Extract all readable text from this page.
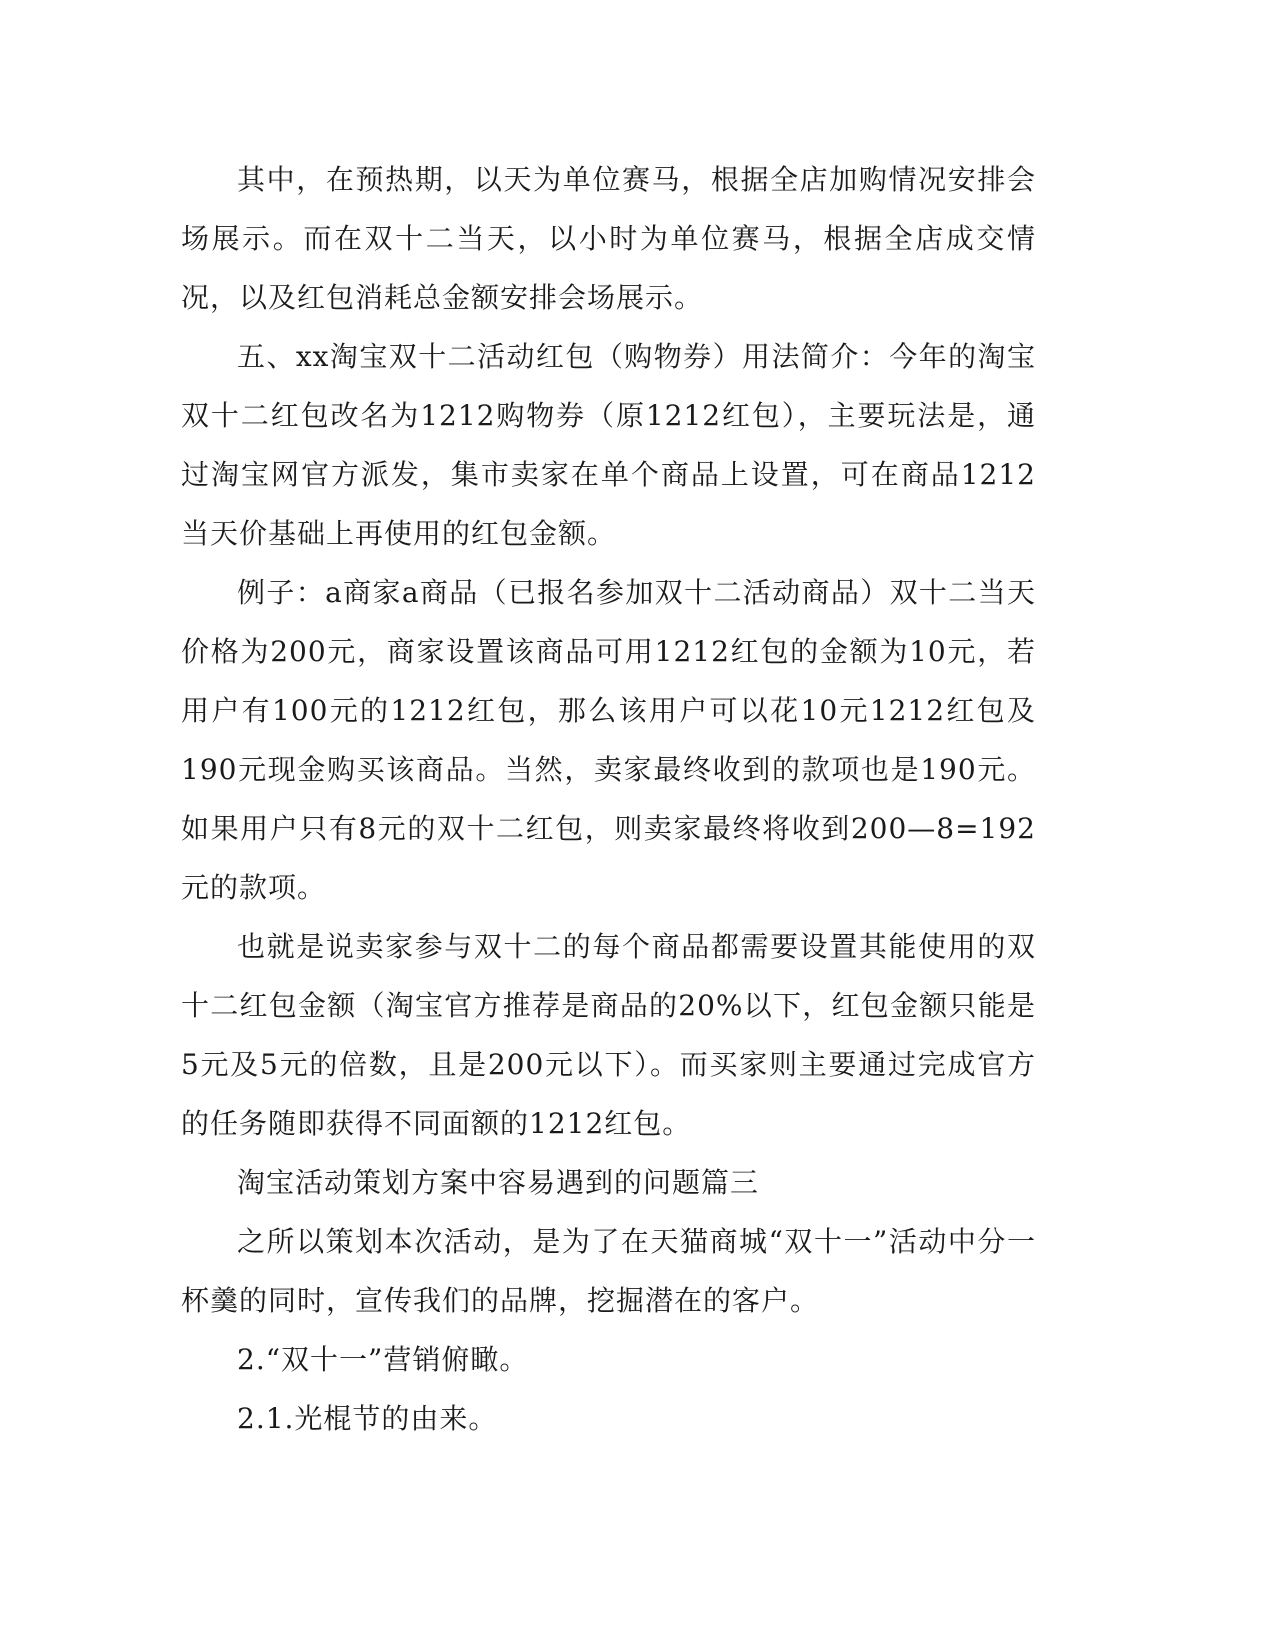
其中，在预热期，以天为单位赛马，根据全店加购情况安排会场展示。而在双十二当天，以小时为单位赛马，根据全店成交情况，以及红包消耗总金额安排会场展示。

五、xx淘宝双十二活动红包（购物券）用法简介：今年的淘宝双十二红包改名为1212购物券（原1212红包），主要玩法是，通过淘宝网官方派发，集市卖家在单个商品上设置，可在商品1212当天价基础上再使用的红包金额。

例子：a商家a商品（已报名参加双十二活动商品）双十二当天价格为200元，商家设置该商品可用1212红包的金额为10元，若用户有100元的1212红包，那么该用户可以花10元1212红包及190元现金购买该商品。当然，卖家最终收到的款项也是190元。如果用户只有8元的双十二红包，则卖家最终将收到200—8=192元的款项。

也就是说卖家参与双十二的每个商品都需要设置其能使用的双十二红包金额（淘宝官方推荐是商品的20%以下，红包金额只能是5元及5元的倍数，且是200元以下）。而买家则主要通过完成官方的任务随即获得不同面额的1212红包。

淘宝活动策划方案中容易遇到的问题篇三

之所以策划本次活动，是为了在天猫商城“双十一”活动中分一杯羹的同时，宣传我们的品牌，挖掘潜在的客户。

2.“双十一”营销俯瞰。

2.1.光棍节的由来。
